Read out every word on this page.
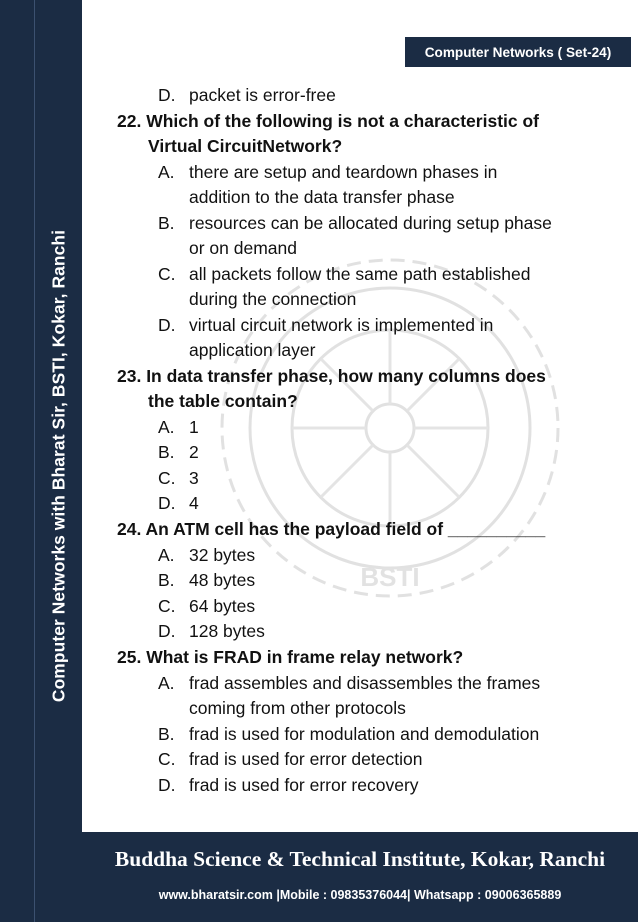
Computer Networks with Bharat Sir, BSTI, Kokar, Ranchi
Computer Networks ( Set-24)
BSTI
D. packet is error-free
22. Which of the following is not a characteristic of
Virtual CircuitNetwork?
A. there are setup and teardown phases in
addition to the data transfer phase
B. resources can be allocated during setup phase
or on demand
C. all packets follow the same path established
during the connection
D. virtual circuit network is implemented in
application layer
23. In data transfer phase, how many columns does
the table contain?
A. 1
B. 2
C. 3
D. 4
24. An ATM cell has the payload field of __________
A. 32 bytes
B. 48 bytes
C. 64 bytes
D. 128 bytes
25. What is FRAD in frame relay network?
A. frad assembles and disassembles the frames
coming from other protocols
B. frad is used for modulation and demodulation
C. frad is used for error detection
D. frad is used for error recovery
Buddha Science & Technical Institute, Kokar, Ranchi
www.bharatsir.com |Mobile : 09835376044| Whatsapp : 09006365889
